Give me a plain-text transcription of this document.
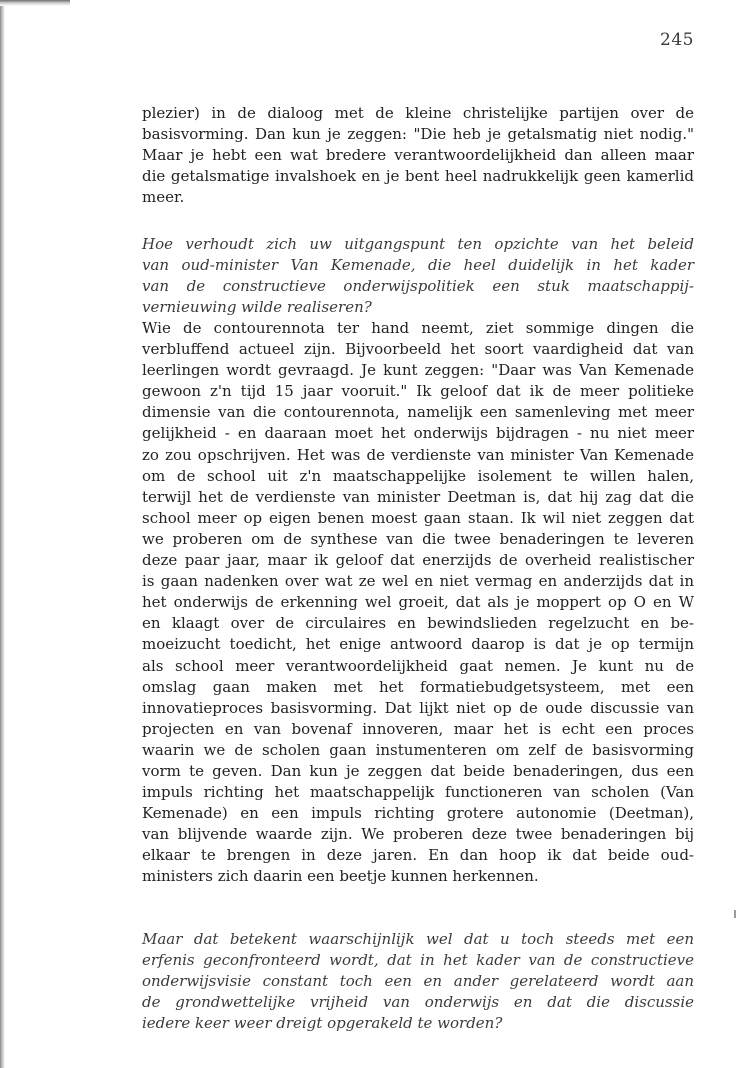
245
plezier) in de dialoog met de kleine christelijke partijen over de
basisvorming. Dan kun je zeggen: "Die heb je getalsmatig niet nodig."
Maar je hebt een wat bredere verantwoordelijkheid dan alleen maar
die getalsmatige invalshoek en je bent heel nadrukkelijk geen kamerlid
meer.
Hoe verhoudt zich uw uitgangspunt ten opzichte van het beleid
van oud-minister Van Kemenade, die heel duidelijk in het kader
van de constructieve onderwijspolitiek een stuk maatschappij-
vernieuwing wilde realiseren?
Wie de contourennota ter hand neemt, ziet sommige dingen die
verbluffend actueel zijn. Bijvoorbeeld het soort vaardigheid dat van
leerlingen wordt gevraagd. Je kunt zeggen: "Daar was Van Kemenade
gewoon z'n tijd 15 jaar vooruit." Ik geloof dat ik de meer politieke
dimensie van die contourennota, namelijk een samenleving met meer
gelijkheid - en daaraan moet het onderwijs bijdragen - nu niet meer
zo zou opschrijven. Het was de verdienste van minister Van Kemenade
om de school uit z'n maatschappelijke isolement te willen halen,
terwijl het de verdienste van minister Deetman is, dat hij zag dat die
school meer op eigen benen moest gaan staan. Ik wil niet zeggen dat
we proberen om de synthese van die twee benaderingen te leveren
deze paar jaar, maar ik geloof dat enerzijds de overheid realistischer
is gaan nadenken over wat ze wel en niet vermag en anderzijds dat in
het onderwijs de erkenning wel groeit, dat als je moppert op O en W
en klaagt over de circulaires en bewindslieden regelzucht en be-
moeizucht toedicht, het enige antwoord daarop is dat je op termijn
als school meer verantwoordelijkheid gaat nemen. Je kunt nu de
omslag gaan maken met het formatiebudgetsysteem, met een
innovatieproces basisvorming. Dat lijkt niet op de oude discussie van
projecten en van bovenaf innoveren, maar het is echt een proces
waarin we de scholen gaan instumenteren om zelf de basisvorming
vorm te geven. Dan kun je zeggen dat beide benaderingen, dus een
impuls richting het maatschappelijk functioneren van scholen (Van
Kemenade) en een impuls richting grotere autonomie (Deetman),
van blijvende waarde zijn. We proberen deze twee benaderingen bij
elkaar te brengen in deze jaren. En dan hoop ik dat beide oud-
ministers zich daarin een beetje kunnen herkennen.
Maar dat betekent waarschijnlijk wel dat u toch steeds met een
erfenis geconfronteerd wordt, dat in het kader van de constructieve
onderwijsvisie constant toch een en ander gerelateerd wordt aan
de grondwettelijke vrijheid van onderwijs en dat die discussie
iedere keer weer dreigt opgerakeld te worden?
